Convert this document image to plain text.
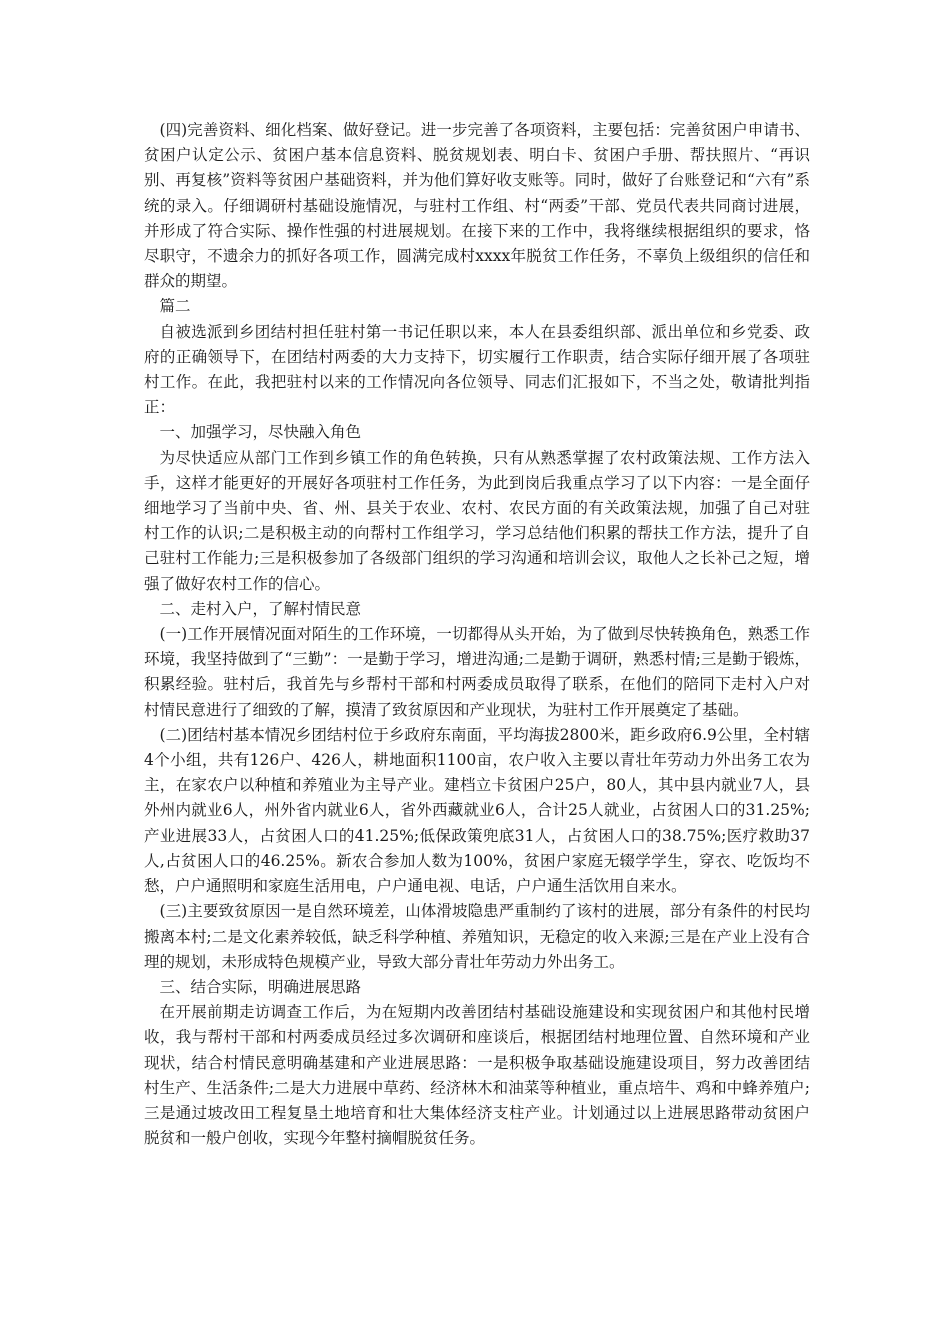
(四)完善资料、细化档案、做好登记。进一步完善了各项资料，主要包括：完善贫困户申请书、贫困户认定公示、贫困户基本信息资料、脱贫规划表、明白卡、贫困户手册、帮扶照片、“再识别、再复核”资料等贫困户基础资料，并为他们算好收支账等。同时，做好了台账登记和“六有”系统的录入。仔细调研村基础设施情况，与驻村工作组、村“两委”干部、党员代表共同商讨进展，并形成了符合实际、操作性强的村进展规划。在接下来的工作中，我将继续根据组织的要求，恪尽职守，不遗余力的抓好各项工作，圆满完成村xxxx年脱贫工作任务，不辜负上级组织的信任和群众的期望。

篇二

自被选派到乡团结村担任驻村第一书记任职以来，本人在县委组织部、派出单位和乡党委、政府的正确领导下，在团结村两委的大力支持下，切实履行工作职责，结合实际仔细开展了各项驻村工作。在此，我把驻村以来的工作情况向各位领导、同志们汇报如下，不当之处，敬请批判指正：

一、加强学习，尽快融入角色

为尽快适应从部门工作到乡镇工作的角色转换，只有从熟悉掌握了农村政策法规、工作方法入手，这样才能更好的开展好各项驻村工作任务，为此到岗后我重点学习了以下内容：一是全面仔细地学习了当前中央、省、州、县关于农业、农村、农民方面的有关政策法规，加强了自己对驻村工作的认识;二是积极主动的向帮村工作组学习，学习总结他们积累的帮扶工作方法，提升了自己驻村工作能力;三是积极参加了各级部门组织的学习沟通和培训会议，取他人之长补己之短，增强了做好农村工作的信心。

二、走村入户，了解村情民意

(一)工作开展情况面对陌生的工作环境，一切都得从头开始，为了做到尽快转换角色，熟悉工作环境，我坚持做到了“三勤”：一是勤于学习，增进沟通;二是勤于调研，熟悉村情;三是勤于锻炼，积累经验。驻村后，我首先与乡帮村干部和村两委成员取得了联系，在他们的陪同下走村入户对村情民意进行了细致的了解，摸清了致贫原因和产业现状，为驻村工作开展奠定了基础。

(二)团结村基本情况乡团结村位于乡政府东南面，平均海拔2800米，距乡政府6.9公里，全村辖4个小组，共有126户、426人，耕地面积1100亩，农户收入主要以青壮年劳动力外出务工农为主，在家农户以种植和养殖业为主导产业。建档立卡贫困户25户，80人，其中县内就业7人，县外州内就业6人，州外省内就业6人，省外西藏就业6人，合计25人就业，占贫困人口的31.25%;产业进展33人，占贫困人口的41.25%;低保政策兜底31人，占贫困人口的38.75%;医疗救助37人,占贫困人口的46.25%。新农合参加人数为100%，贫困户家庭无辍学学生，穿衣、吃饭均不愁，户户通照明和家庭生活用电，户户通电视、电话，户户通生活饮用自来水。

(三)主要致贫原因一是自然环境差，山体滑坡隐患严重制约了该村的进展，部分有条件的村民均搬离本村;二是文化素养较低，缺乏科学种植、养殖知识，无稳定的收入来源;三是在产业上没有合理的规划，未形成特色规模产业，导致大部分青壮年劳动力外出务工。

三、结合实际，明确进展思路

在开展前期走访调查工作后，为在短期内改善团结村基础设施建设和实现贫困户和其他村民增收，我与帮村干部和村两委成员经过多次调研和座谈后，根据团结村地理位置、自然环境和产业现状，结合村情民意明确基建和产业进展思路：一是积极争取基础设施建设项目，努力改善团结村生产、生活条件;二是大力进展中草药、经济林木和油菜等种植业，重点培牛、鸡和中蜂养殖户;三是通过坡改田工程复垦土地培育和壮大集体经济支柱产业。计划通过以上进展思路带动贫困户脱贫和一般户创收，实现今年整村摘帽脱贫任务。
